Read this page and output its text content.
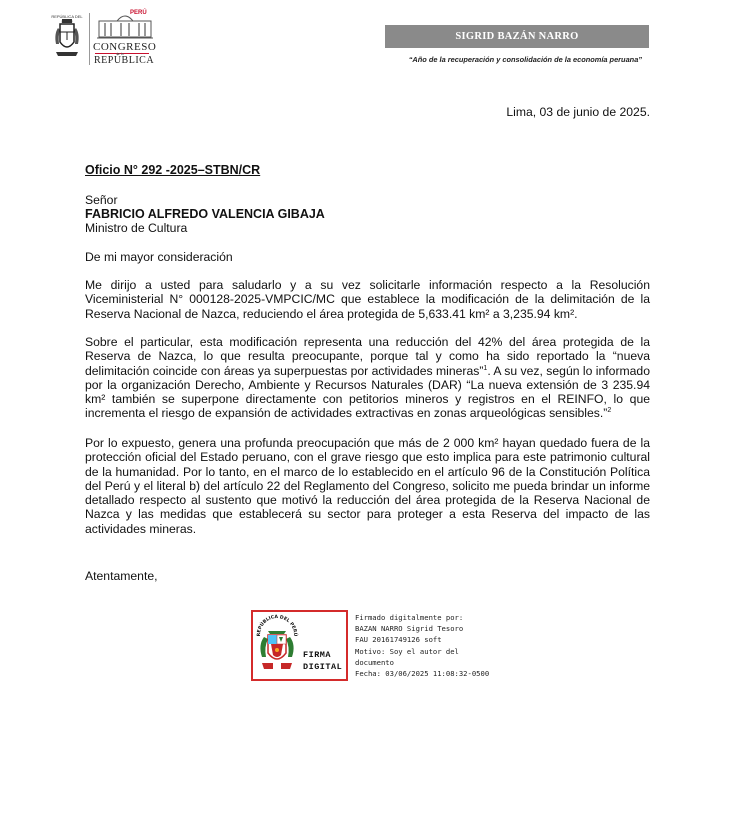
REPÚBLICA DEL
PERÚ
CONGRESO
de la
REPÚBLICA
SIGRID BAZÁN NARRO
“Año de la recuperación y consolidación de la economía peruana”
Lima, 03 de junio de 2025.
Oficio N° 292 -2025–STBN/CR
Señor
FABRICIO ALFREDO VALENCIA GIBAJA
Ministro de Cultura
De mi mayor consideración
Me dirijo a usted para saludarlo y a su vez solicitarle información respecto a la Resolución Viceministerial N° 000128-2025-VMPCIC/MC que establece la modificación de la delimitación de la Reserva Nacional de Nazca, reduciendo el área protegida de 5,633.41 km² a 3,235.94 km².
Sobre el particular, esta modificación representa una reducción del 42% del área protegida de la Reserva de Nazca, lo que resulta preocupante, porque tal y como ha sido reportado la “nueva delimitación coincide con áreas ya superpuestas por actividades mineras”$^1$. A su vez, según lo informado por la organización Derecho, Ambiente y Recursos Naturales (DAR) “La nueva extensión de 3 235.94 km² también se superpone directamente con petitorios mineros y registros en el REINFO, lo que incrementa el riesgo de expansión de actividades extractivas en zonas arqueológicas sensibles.”$^2$
Por lo expuesto, genera una profunda preocupación que más de 2 000 km² hayan quedado fuera de la protección oficial del Estado peruano, con el grave riesgo que esto implica para este patrimonio cultural de la humanidad. Por lo tanto, en el marco de lo establecido en el artículo 96 de la Constitución Política del Perú y el literal b) del artículo 22 del Reglamento del Congreso, solicito me pueda brindar un informe detallado respecto al sustento que motivó la reducción del área protegida de la Reserva Nacional de Nazca y las medidas que establecerá su sector para proteger a esta Reserva del impacto de las actividades mineras.
Atentamente,
REPÚBLICA DEL PERÚ
FIRMA
DIGITAL
Firmado digitalmente por:
BAZAN NARRO Sigrid Tesoro
FAU 20161749126 soft
Motivo: Soy el autor del
documento
Fecha: 03/06/2025 11:08:32-0500
